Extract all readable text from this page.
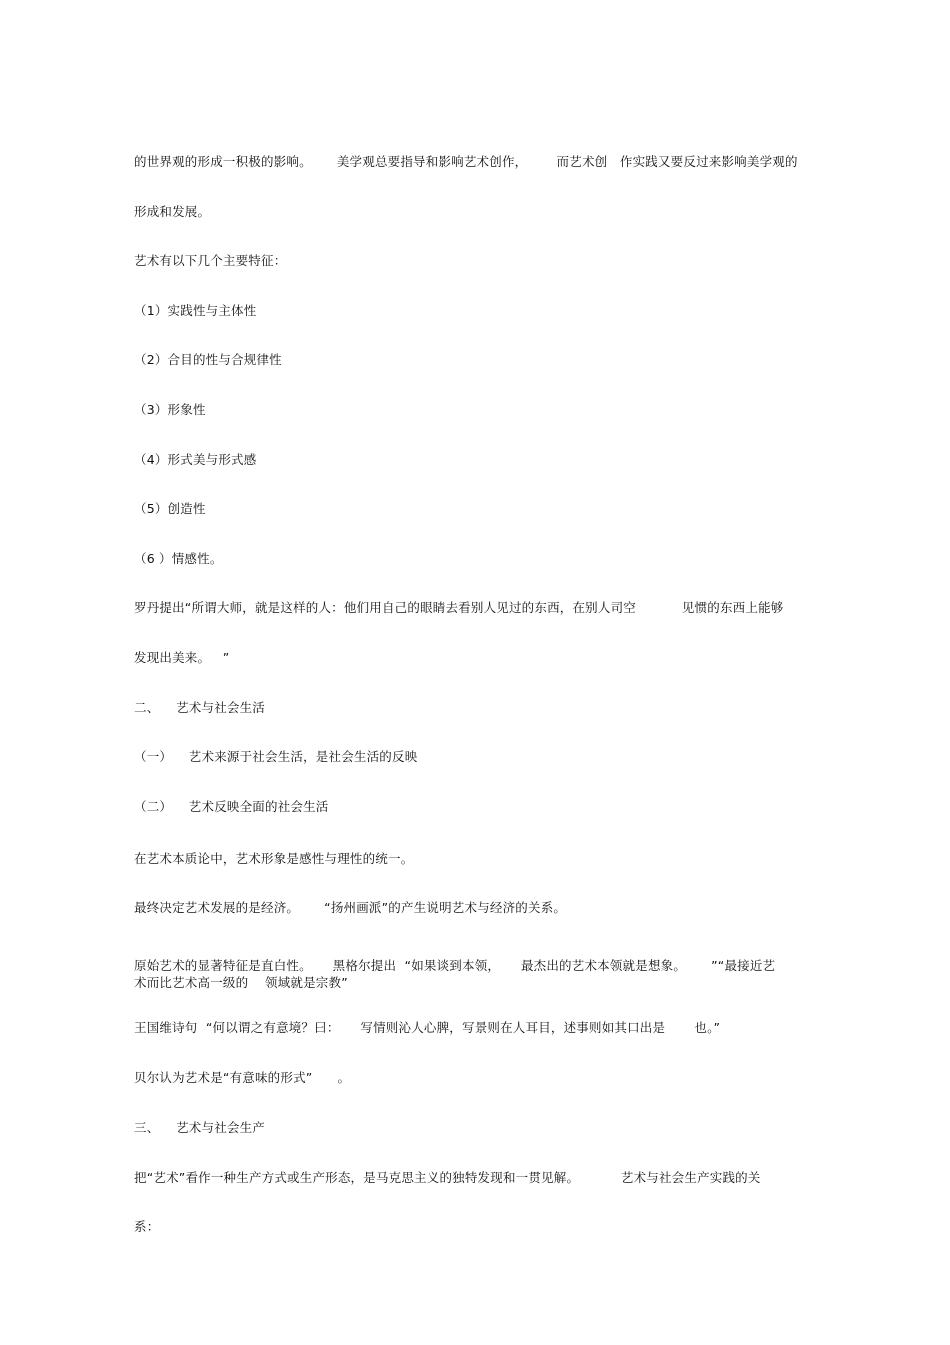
的世界观的形成一积极的影响。      美学观总要指导和影响艺术创作，       而艺术创   作实践又要反过来影响美学观的
形成和发展。
艺术有以下几个主要特征：
（1）实践性与主体性
（2）合目的性与合规律性
（3）形象性
（4）形式美与形式感
（5）创造性
（6 ）情感性。
罗丹提出“所谓大师，就是这样的人：他们用自己的眼睛去看别人见过的东西，在别人司空           见惯的东西上能够
发现出美来。   ”
二、    艺术与社会生活
（一）    艺术来源于社会生活，是社会生活的反映
（二）    艺术反映全面的社会生活
在艺术本质论中，艺术形象是感性与理性的统一。
最终决定艺术发展的是经济。      “扬州画派”的产生说明艺术与经济的关系。
原始艺术的显著特征是直白性。     黑格尔提出  “如果谈到本领，     最杰出的艺术本领就是想象。      ”“最接近艺
术而比艺术高一级的    领域就是宗教”
王国维诗句  “何以谓之有意境？曰：     写情则沁人心脾，写景则在人耳目，述事则如其口出是       也。”
贝尔认为艺术是“有意味的形式”      。
三、    艺术与社会生产
把“艺术”看作一种生产方式或生产形态，是马克思主义的独特发现和一贯见解。          艺术与社会生产实践的关
系：
